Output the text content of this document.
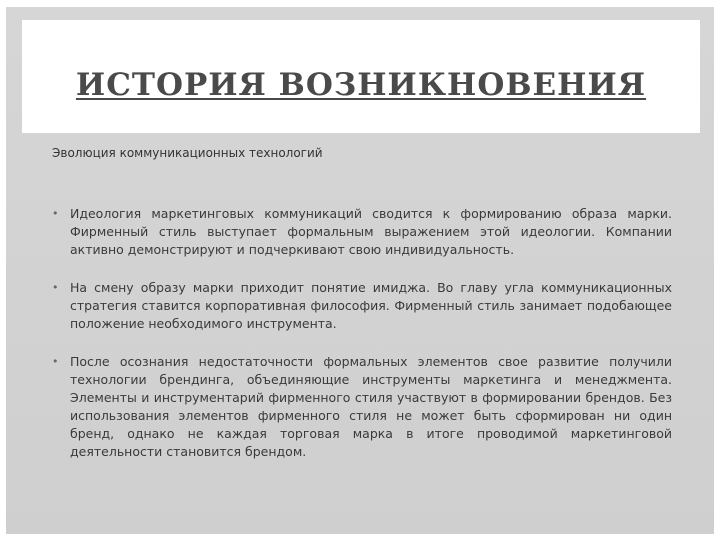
ИСТОРИЯ ВОЗНИКНОВЕНИЯ

Эволюция коммуникационных технологий

• Идеология маркетинговых коммуникаций сводится к формированию образа марки. Фирменный стиль выступает формальным выражением этой идеологии. Компании активно демонстрируют и подчеркивают свою индивидуальность.
• На смену образу марки приходит понятие имиджа. Во главу угла коммуникационных стратегия ставится корпоративная философия. Фирменный стиль занимает подобающее положение необходимого инструмента.
• После осознания недостаточности формальных элементов свое развитие получили технологии брендинга, объединяющие инструменты маркетинга и менеджмента. Элементы и инструментарий фирменного стиля участвуют в формировании брендов. Без использования элементов фирменного стиля не может быть сформирован ни один бренд, однако не каждая торговая марка в итоге проводимой маркетинговой деятельности становится брендом.
